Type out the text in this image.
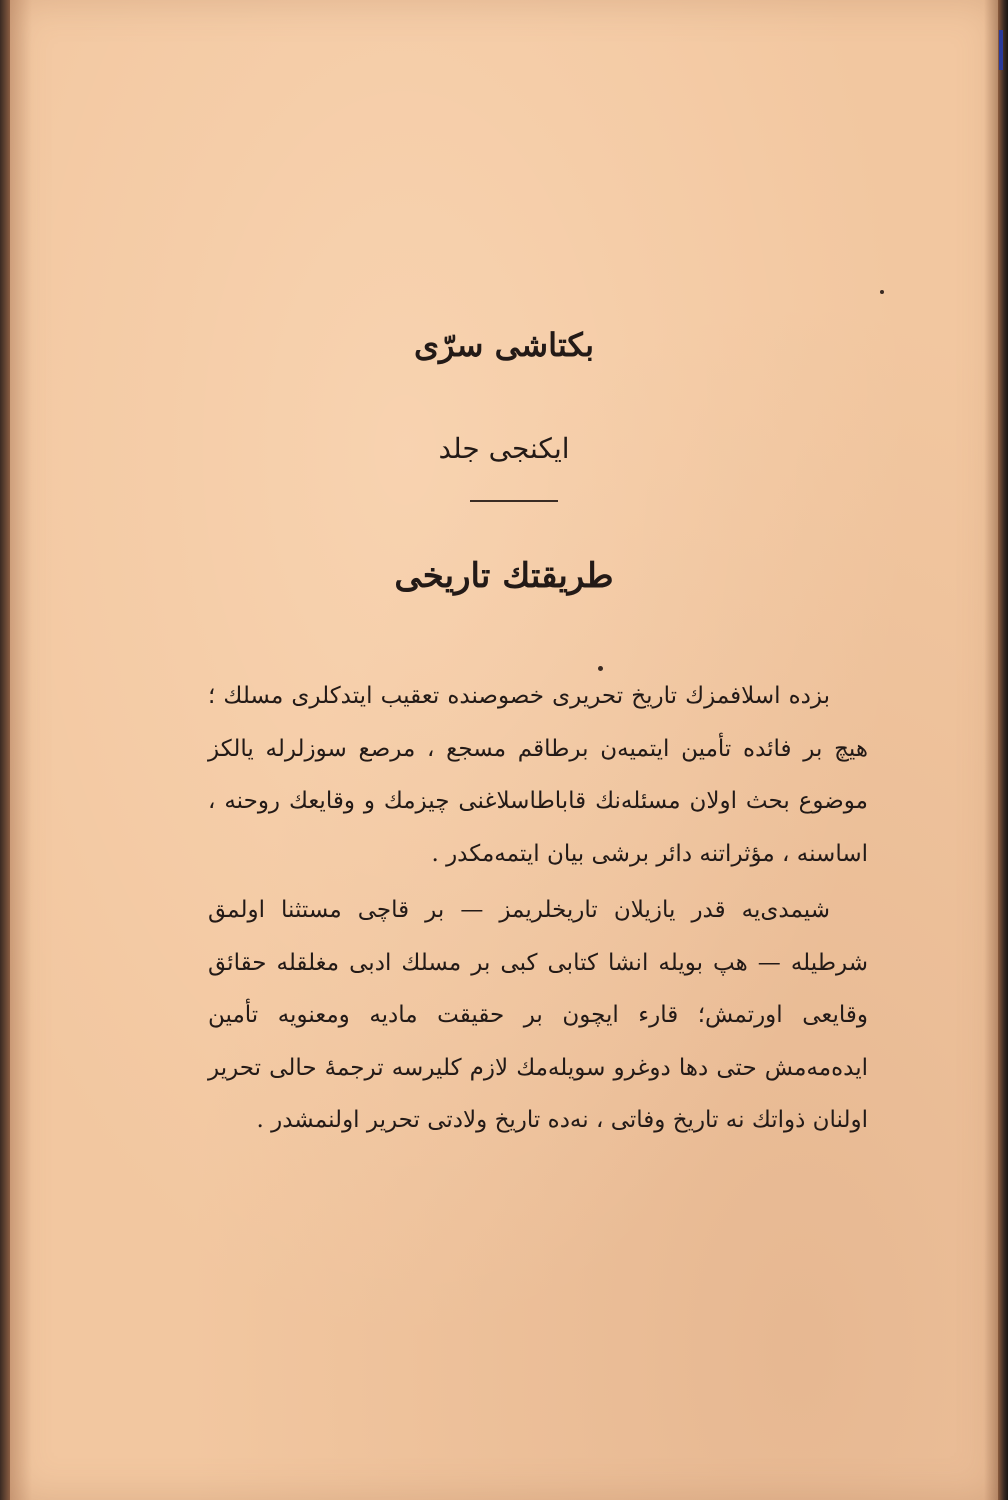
بکتاشی سرّی
ایکنجی جلد
طریقتك تاریخی

بزده اسلافمزك تاریخ تحریری خصوصنده تعقیب ایتدکلری مسلك ؛ هیچ بر فائده تأمین ایتمیه‌ن برطاقم مسجع ، مرصع سوزلرله یالکز موضوع بحث اولان مسئله‌نك قاباطاسلاغنی چیزمك و وقایعك روحنه ، اساسنه ، مؤثراتنه دائر برشی بیان ایتمه‌مکدر .

شیمدی‌یه قدر یازیلان تاریخلریمز — بر قاچی مستثنا اولمق شرطیله — هپ بویله انشا کتابی کبی بر مسلك ادبی مغلقله حقائق وقایعی اورتمش؛ قارء ایچون بر حقیقت مادیه ومعنویه تأمین ایده‌مه‌مش حتی دها دوغرو سویله‌مك لازم کلیرسه ترجمهٔ حالی تحریر اولنان ذواتك نه تاریخ وفاتی ، نه‌ده تاریخ ولادتی تحریر اولنمشدر .
